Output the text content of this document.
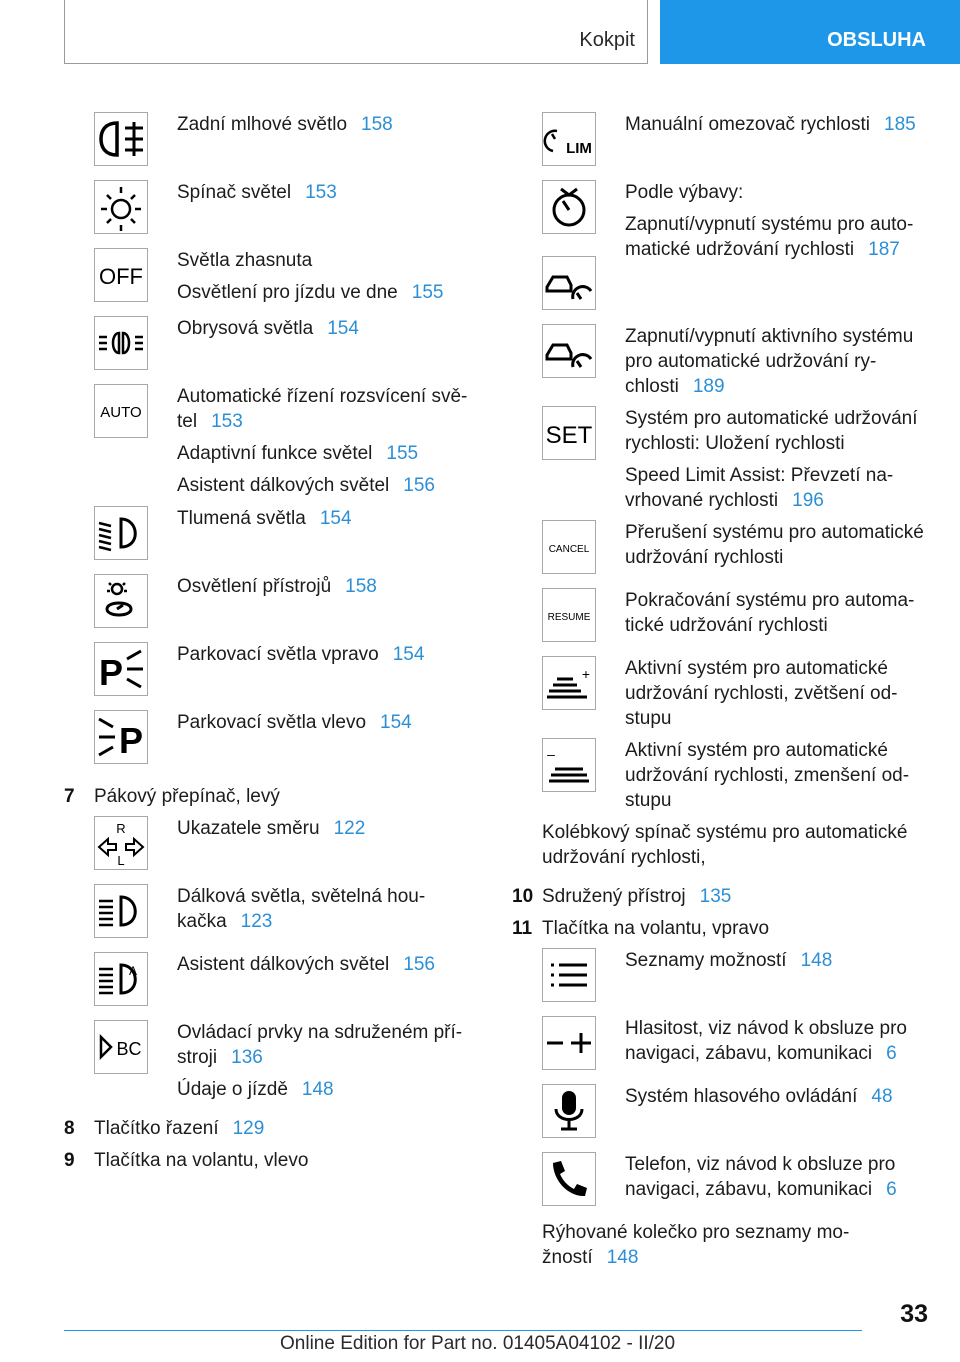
Kokpit	OBSLUHA
Zadní mlhové světlo 158
Spínač světel 153
OFF
Světla zhasnuta
Osvětlení pro jízdu ve dne 155
Obrysová světla 154
AUTO
Automatické řízení rozsvícení svě-
tel 153
Adaptivní funkce světel 155
Asistent dálkových světel 156
Tlumená světla 154
Osvětlení přístrojů 158
P	Parkovací světla vpravo 154
P Parkovací světla vlevo 154
7 Pákový přepínač, levý
R
L
Ukazatele směru 122
Dálková světla, světelná hou-
kačka 123
A Asistent dálkových světel 156
BC
Ovládací prvky na sdruženém pří-
stroji 136
Údaje o jízdě 148
8 Tlačítko řazení 129
9 Tlačítka na volantu, vlevo
LIM
Manuální omezovač rychlosti 185
Podle výbavy:
Zapnutí/vypnutí systému pro auto-
matické udržování rychlosti 187
Zapnutí/vypnutí aktivního systému
pro automatické udržování ry-
chlosti 189
SET
Systém pro automatické udržování
rychlosti: Uložení rychlosti
Speed Limit Assist: Převzetí na-
vrhované rychlosti 196
CANCEL
Přerušení systému pro automatické
udržování rychlosti
RESUME
Pokračování systému pro automa-
tické udržování rychlosti
+ Aktivní systém pro automatické
udržování rychlosti, zvětšení od-
stupu
–	Aktivní systém pro automatické
udržování rychlosti, zmenšení od-
stupu
Kolébkový spínač systému pro automatické
udržování rychlosti,
10 Sdružený přístroj 135
11 Tlačítka na volantu, vpravo
Seznamy možností 148
Hlasitost, viz návod k obsluze pro
navigaci, zábavu, komunikaci 6
Systém hlasového ovládání 48
Telefon, viz návod k obsluze pro
navigaci, zábavu, komunikaci 6
Rýhované kolečko pro seznamy mo-
žností 148
33
Online Edition for Part no. 01405A04102 - II/20
